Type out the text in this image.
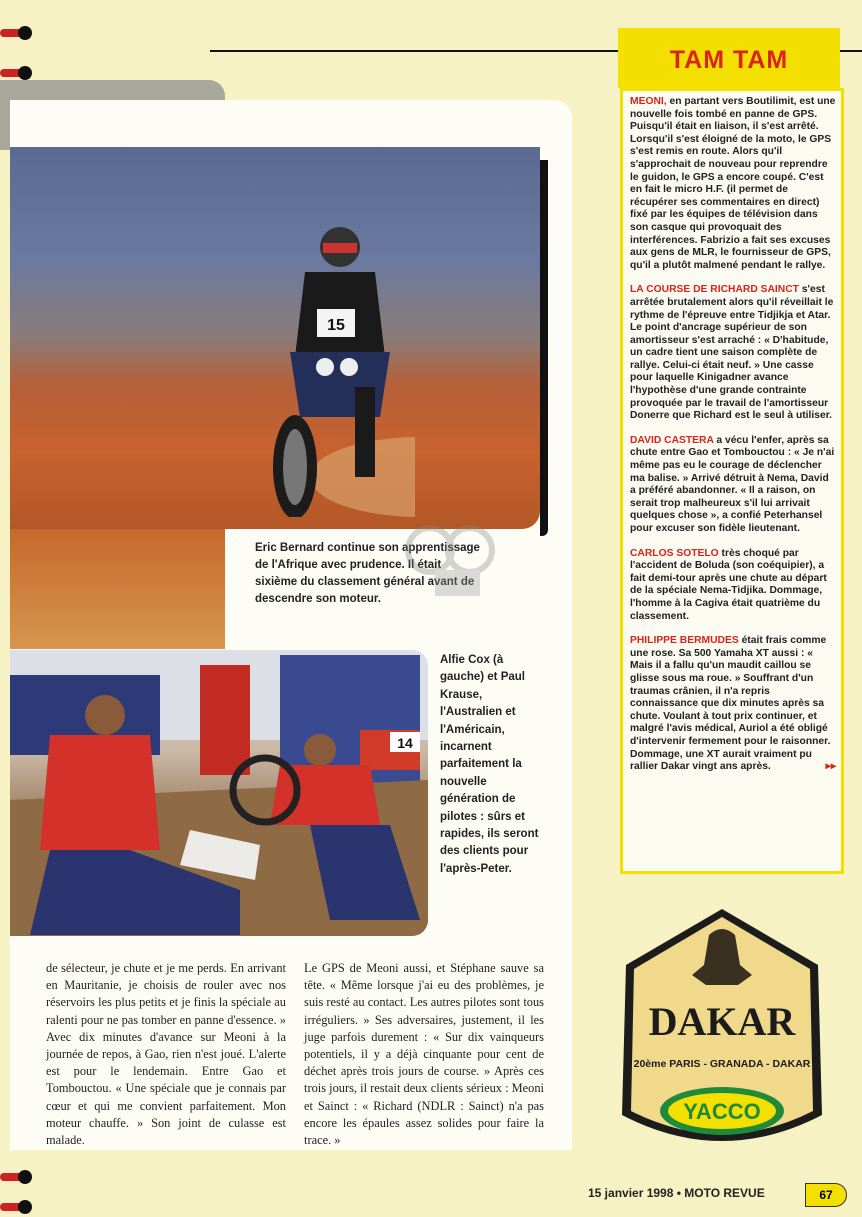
15
Eric Bernard continue son apprentissage de l'Afrique avec prudence. Il était sixième du classement général avant de descendre son moteur.
14
Alfie Cox (à gauche) et Paul Krause, l'Australien et l'Américain, incarnent parfaitement la nouvelle génération de pilotes : sûrs et rapides, ils seront des clients pour l'après-Peter.
de sélecteur, je chute et je me perds. En arrivant en Mauritanie, je choisis de rouler avec nos réservoirs les plus petits et je finis la spéciale au ralenti pour ne pas tomber en panne d'essence. » Avec dix minutes d'avance sur Meoni à la journée de repos, à Gao, rien n'est joué. L'alerte est pour le lendemain. Entre Gao et Tombouctou. « Une spéciale que je connais par cœur et qui me convient parfaitement. Mon moteur chauffe. » Son joint de culasse est malade.
Le GPS de Meoni aussi, et Stéphane sauve sa tête. « Même lorsque j'ai eu des problèmes, je suis resté au contact. Les autres pilotes sont tous irréguliers. » Ses adversaires, justement, il les juge parfois durement : « Sur dix vainqueurs potentiels, il y a déjà cinquante pour cent de déchet après trois jours de course. » Après ces trois jours, il restait deux clients sérieux : Meoni et Sainct : « Richard (NDLR : Sainct) n'a pas encore les épaules assez solides pour faire la trace. »
TAM TAM

MEONI, en partant vers Boutilimit, est une nouvelle fois tombé en panne de GPS. Puisqu'il était en liaison, il s'est arrêté. Lorsqu'il s'est éloigné de la moto, le GPS s'est remis en route. Alors qu'il s'approchait de nouveau pour reprendre le guidon, le GPS a encore coupé. C'est en fait le micro H.F. (il permet de récupérer ses commentaires en direct) fixé par les équipes de télévision dans son casque qui provoquait des interférences. Fabrizio a fait ses excuses aux gens de MLR, le fournisseur de GPS, qu'il a plutôt malmené pendant le rallye.

LA COURSE DE RICHARD SAINCT s'est arrêtée brutalement alors qu'il réveillait le rythme de l'épreuve entre Tidjikja et Atar. Le point d'ancrage supérieur de son amortisseur s'est arraché : « D'habitude, un cadre tient une saison complète de rallye. Celui-ci était neuf. » Une casse pour laquelle Kinigadner avance l'hypothèse d'une grande contrainte provoquée par le travail de l'amortisseur Donerre que Richard est le seul à utiliser.

DAVID CASTERA a vécu l'enfer, après sa chute entre Gao et Tombouctou : « Je n'ai même pas eu le courage de déclencher ma balise. » Arrivé détruit à Nema, David a préféré abandonner. « Il a raison, on serait trop malheureux s'il lui arrivait quelques chose », a confié Peterhansel pour excuser son fidèle lieutenant.

CARLOS SOTELO très choqué par l'accident de Boluda (son coéquipier), a fait demi-tour après une chute au départ de la spéciale Nema-Tidjika. Dommage, l'homme à la Cagiva était quatrième du classement.

PHILIPPE BERMUDES était frais comme une rose. Sa 500 Yamaha XT aussi : « Mais il a fallu qu'un maudit caillou se glisse sous ma roue. » Souffrant d'un traumas crânien, il n'a repris connaissance que dix minutes après sa chute. Voulant à tout prix continuer, et malgré l'avis médical, Auriol a été obligé d'intervenir fermement pour le raisonner. Dommage, une XT aurait vraiment pu rallier Dakar vingt ans après.	▸▸

DAKAR
20ème PARIS - GRANADA - DAKAR
YACCO
15 janvier 1998 • MOTO REVUE	67
